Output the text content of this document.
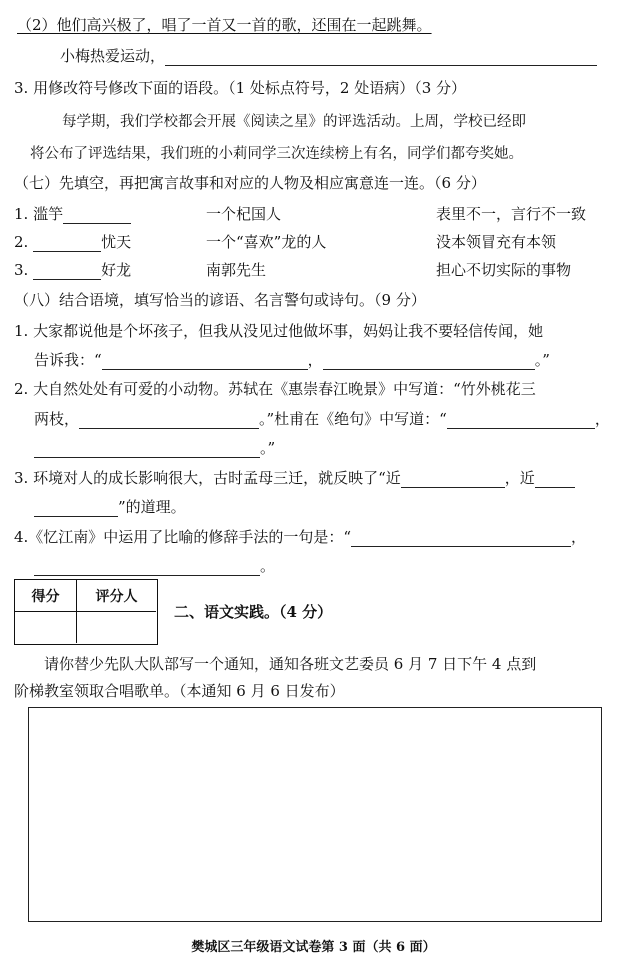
（2）他们高兴极了，唱了一首又一首的歌，还围在一起跳舞。
小梅热爱运动，
3. 用修改符号修改下面的语段。（1 处标点符号，2 处语病）（3 分）
每学期，我们学校都会开展《阅读之星》的评选活动。上周，学校已经即
将公布了评选结果，我们班的小莉同学三次连续榜上有名，同学们都夸奖她。
（七）先填空，再把寓言故事和对应的人物及相应寓意连一连。（6 分）
1. 滥竽	一个杞国人	表里不一，言行不一致
2.	忧天	一个“喜欢”龙的人	没本领冒充有本领
3.	好龙	南郭先生	担心不切实际的事物
（八）结合语境，填写恰当的谚语、名言警句或诗句。（9 分）
1. 大家都说他是个坏孩子，但我从没见过他做坏事，妈妈让我不要轻信传闻，她
告诉我：“	，	。”
2. 大自然处处有可爱的小动物。苏轼在《惠崇春江晚景》中写道：“竹外桃花三
两枝，	。”杜甫在《绝句》中写道：“	，
。”
3. 环境对人的成长影响很大，古时孟母三迁，就反映了“近	，近
”的道理。
4.《忆江南》中运用了比喻的修辞手法的一句是：“	，
。
得分	评分人
二、语文实践。（4 分）
请你替少先队大队部写一个通知，通知各班文艺委员 6 月 7 日下午 4 点到
阶梯教室领取合唱歌单。（本通知 6 月 6 日发布）
樊城区三年级语文试卷第 3 面（共 6 面）
